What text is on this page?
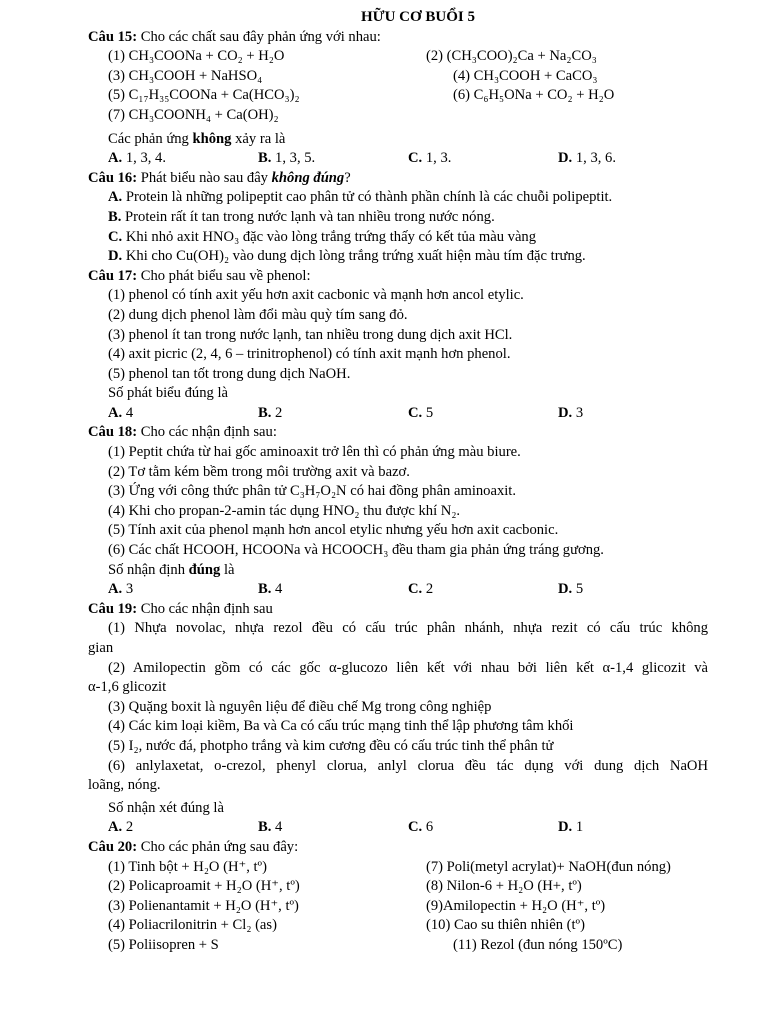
HỮU CƠ BUỔI 5
Câu 15: Cho các chất sau đây phản ứng với nhau:
(1) CH₃COONa + CO₂ + H₂O	(2) (CH₃COO)₂Ca + Na₂CO₃
(3) CH₃COOH + NaHSO₄	(4) CH₃COOH + CaCO₃
(5) C₁₇H₃₅COONa + Ca(HCO₃)₂	(6) C₆H₅ONa + CO₂ + H₂O
(7) CH₃COONH₄ + Ca(OH)₂
Các phản ứng không xảy ra là
A. 1, 3, 4.	B. 1, 3, 5.	C. 1, 3.	D. 1, 3, 6.
Câu 16: Phát biểu nào sau đây không đúng?
A. Protein là những polipeptit cao phân tử có thành phần chính là các chuỗi polipeptit.
B. Protein rất ít tan trong nước lạnh và tan nhiều trong nước nóng.
C. Khi nhỏ axit HNO₃ đặc vào lòng trắng trứng thấy có kết tủa màu vàng
D. Khi cho Cu(OH)₂ vào dung dịch lòng trắng trứng xuất hiện màu tím đặc trưng.
Câu 17: Cho phát biểu sau về phenol:
(1) phenol có tính axit yếu hơn axit cacbonic và mạnh hơn ancol etylic.
(2) dung dịch phenol làm đổi màu quỳ tím sang đỏ.
(3) phenol ít tan trong nước lạnh, tan nhiều trong dung dịch axit HCl.
(4) axit picric (2, 4, 6 – trinitrophenol) có tính axit mạnh hơn phenol.
(5) phenol tan tốt trong dung dịch NaOH.
Số phát biểu đúng là
A. 4	B. 2	C. 5	D. 3
Câu 18: Cho các nhận định sau:
(1) Peptit chứa từ hai gốc aminoaxit trở lên thì có phản ứng màu biure.
(2) Tơ tằm kém bềm trong môi trường axit và bazơ.
(3) Ứng với công thức phân tử C₃H₇O₂N có hai đồng phân aminoaxit.
(4) Khi cho propan-2-amin tác dụng HNO₂ thu được khí N₂.
(5) Tính axit của phenol mạnh hơn ancol etylic nhưng yếu hơn axit cacbonic.
(6) Các chất HCOOH, HCOONa và HCOOCH₃ đều tham gia phản ứng tráng gương.
Số nhận định đúng là
A. 3	B. 4	C. 2	D. 5
Câu 19: Cho các nhận định sau
(1) Nhựa novolac, nhựa rezol đều có cấu trúc phân nhánh, nhựa rezit có cấu trúc không
gian
(2) Amilopectin gồm có các gốc α-glucozo liên kết với nhau bởi liên kết α-1,4 glicozit và
α-1,6 glicozit
(3) Quặng boxit là nguyên liệu để điều chế Mg trong công nghiệp
(4) Các kim loại kiềm, Ba và Ca có cấu trúc mạng tinh thể lập phương tâm khối
(5) I₂, nước đá, photpho trắng và kim cương đều có cấu trúc tinh thể phân tử
(6) anlylaxetat, o-crezol, phenyl clorua, anlyl clorua đều tác dụng với dung dịch NaOH
loãng, nóng.
Số nhận xét đúng là
A. 2	B. 4	C. 6	D. 1
Câu 20: Cho các phản ứng sau đây:
(1) Tinh bột + H₂O (H⁺, tº)	(7) Poli(metyl acrylat)+ NaOH(đun nóng)
(2) Policaproamit + H₂O (H⁺, tº)	(8) Nilon-6 + H₂O (H+, tº)
(3) Polienantamit + H₂O (H⁺, tº)	(9)Amilopectin + H₂O (H⁺, tº)
(4) Poliacrilonitrin + Cl₂ (as)	(10) Cao su thiên nhiên (tº)
(5) Poliisopren + S	(11) Rezol (đun nóng 150ºC)
